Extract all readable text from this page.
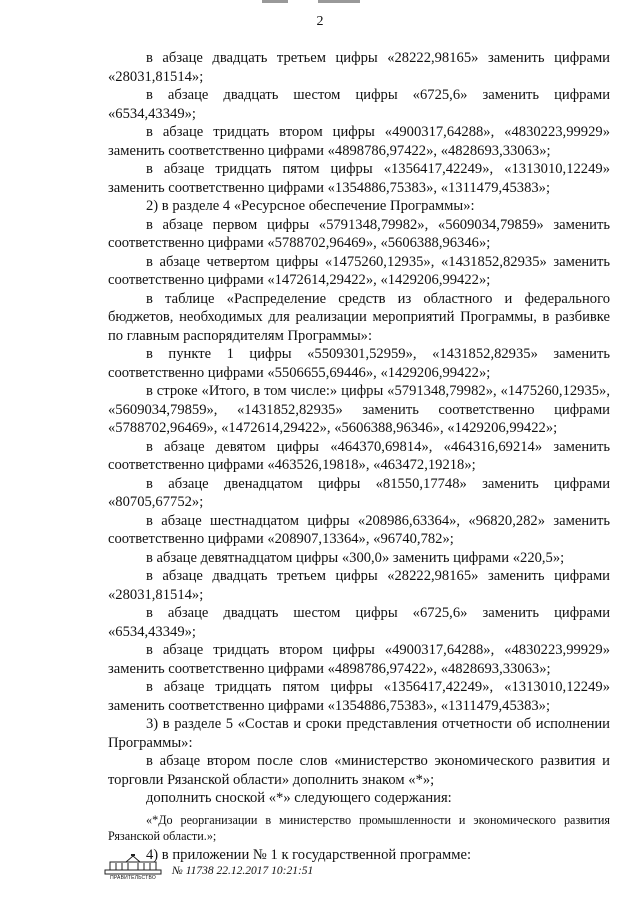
2

в абзаце двадцать третьем цифры «28222,98165» заменить цифрами «28031,81514»;

в абзаце двадцать шестом цифры «6725,6» заменить цифрами «6534,43349»;

в абзаце тридцать втором цифры «4900317,64288», «4830223,99929» заменить соответственно цифрами «4898786,97422», «4828693,33063»;

в абзаце тридцать пятом цифры «1356417,42249», «1313010,12249» заменить соответственно цифрами «1354886,75383», «1311479,45383»;

2) в разделе 4 «Ресурсное обеспечение Программы»:

в абзаце первом цифры «5791348,79982», «5609034,79859» заменить соответственно цифрами «5788702,96469», «5606388,96346»;

в абзаце четвертом цифры «1475260,12935», «1431852,82935» заменить соответственно цифрами «1472614,29422», «1429206,99422»;

в таблице «Распределение средств из областного и федерального бюджетов, необходимых для реализации мероприятий Программы, в разбивке по главным распорядителям Программы»:

в пункте 1 цифры «5509301,52959», «1431852,82935» заменить соответственно цифрами «5506655,69446», «1429206,99422»;

в строке «Итого, в том числе:» цифры «5791348,79982», «1475260,12935», «5609034,79859», «1431852,82935» заменить соответственно цифрами «5788702,96469», «1472614,29422», «5606388,96346», «1429206,99422»;

в абзаце девятом цифры «464370,69814», «464316,69214» заменить соответственно цифрами «463526,19818», «463472,19218»;

в абзаце двенадцатом цифры «81550,17748» заменить цифрами «80705,67752»;

в абзаце шестнадцатом цифры «208986,63364», «96820,282» заменить соответственно цифрами «208907,13364», «96740,782»;

в абзаце девятнадцатом цифры «300,0» заменить цифрами «220,5»;

в абзаце двадцать третьем цифры «28222,98165» заменить цифрами «28031,81514»;

в абзаце двадцать шестом цифры «6725,6» заменить цифрами «6534,43349»;

в абзаце тридцать втором цифры «4900317,64288», «4830223,99929» заменить соответственно цифрами «4898786,97422», «4828693,33063»;

в абзаце тридцать пятом цифры «1356417,42249», «1313010,12249» заменить соответственно цифрами «1354886,75383», «1311479,45383»;

3) в разделе 5 «Состав и сроки представления отчетности об исполнении Программы»:

в абзаце втором после слов «министерство экономического развития и торговли Рязанской области» дополнить знаком «*»;

дополнить сноской «*» следующего содержания:

«*До реорганизации в министерство промышленности и экономического развития Рязанской области.»;

4) в приложении № 1 к государственной программе:

ПРАВИТЕЛЬСТВО
№ 11738 22.12.2017 10:21:51
